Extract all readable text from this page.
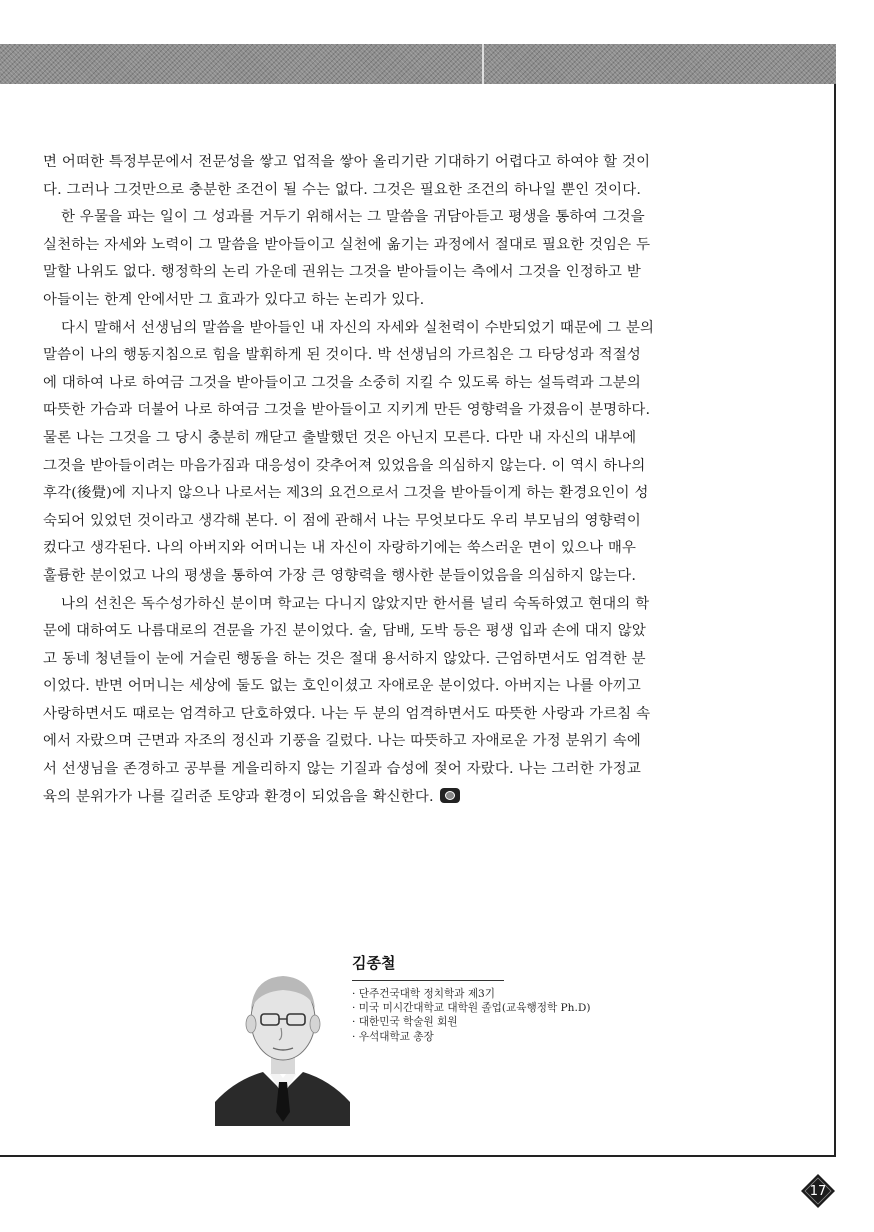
면 어떠한 특정부문에서 전문성을 쌓고 업적을 쌓아 올리기란 기대하기 어렵다고 하여야 할 것이
다. 그러나 그것만으로 충분한 조건이 될 수는 없다. 그것은 필요한 조건의 하나일 뿐인 것이다.

한 우물을 파는 일이 그 성과를 거두기 위해서는 그 말씀을 귀담아듣고 평생을 통하여 그것을
실천하는 자세와 노력이 그 말씀을 받아들이고 실천에 옮기는 과정에서 절대로 필요한 것임은 두
말할 나위도 없다. 행정학의 논리 가운데 권위는 그것을 받아들이는 측에서 그것을 인정하고 받
아들이는 한계 안에서만 그 효과가 있다고 하는 논리가 있다.

다시 말해서 선생님의 말씀을 받아들인 내 자신의 자세와 실천력이 수반되었기 때문에 그 분의
말씀이 나의 행동지침으로 힘을 발휘하게 된 것이다. 박 선생님의 가르침은 그 타당성과 적절성
에 대하여 나로 하여금 그것을 받아들이고 그것을 소중히 지킬 수 있도록 하는 설득력과 그분의
따뜻한 가슴과 더불어 나로 하여금 그것을 받아들이고 지키게 만든 영향력을 가졌음이 분명하다.
물론 나는 그것을 그 당시 충분히 깨닫고 출발했던 것은 아닌지 모른다. 다만 내 자신의 내부에
그것을 받아들이려는 마음가짐과 대응성이 갖추어져 있었음을 의심하지 않는다. 이 역시 하나의
후각(後覺)에 지나지 않으나 나로서는 제3의 요건으로서 그것을 받아들이게 하는 환경요인이 성
숙되어 있었던 것이라고 생각해 본다. 이 점에 관해서 나는 무엇보다도 우리 부모님의 영향력이
컸다고 생각된다. 나의 아버지와 어머니는 내 자신이 자랑하기에는 쑥스러운 면이 있으나 매우
훌륭한 분이었고 나의 평생을 통하여 가장 큰 영향력을 행사한 분들이었음을 의심하지 않는다.

나의 선친은 독수성가하신 분이며 학교는 다니지 않았지만 한서를 널리 숙독하였고 현대의 학
문에 대하여도 나름대로의 견문을 가진 분이었다. 술, 담배, 도박 등은 평생 입과 손에 대지 않았
고 동네 청년들이 눈에 거슬린 행동을 하는 것은 절대 용서하지 않았다. 근엄하면서도 엄격한 분
이었다. 반면 어머니는 세상에 둘도 없는 호인이셨고 자애로운 분이었다. 아버지는 나를 아끼고
사랑하면서도 때로는 엄격하고 단호하였다. 나는 두 분의 엄격하면서도 따뜻한 사랑과 가르침 속
에서 자랐으며 근면과 자조의 정신과 기풍을 길렀다. 나는 따뜻하고 자애로운 가정 분위기 속에
서 선생님을 존경하고 공부를 게을리하지 않는 기질과 습성에 젖어 자랐다. 나는 그러한 가정교
육의 분위가가 나를 길러준 토양과 환경이 되었음을 확신한다.

김종철
· 단주건국대학 정치학과 제3기
· 미국 미시간대학교 대학원 졸업(교육행정학 Ph.D)
· 대한민국 학술원 회원
· 우석대학교 총장
17
